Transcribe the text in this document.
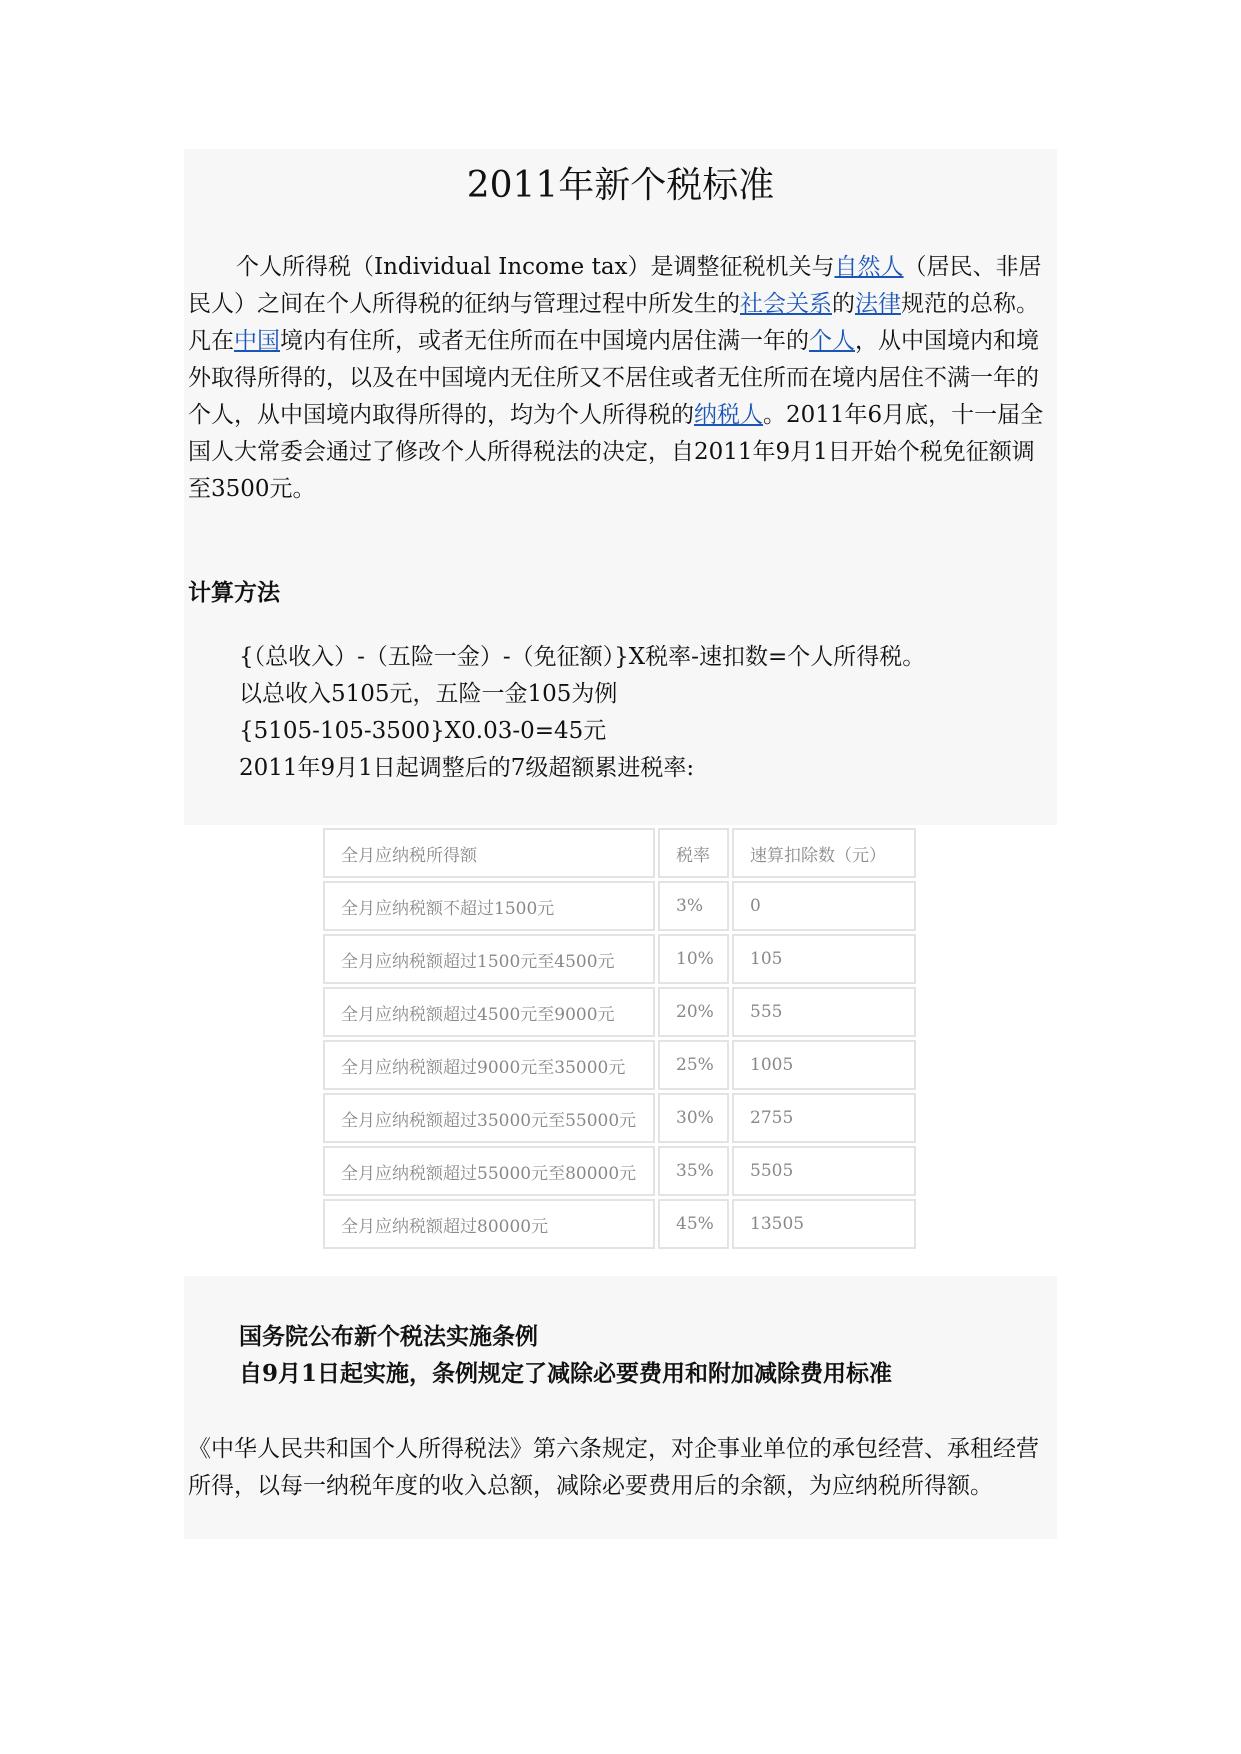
2011年新个税标准

个人所得税（Individual Income tax）是调整征税机关与自然人（居民、非居民人）之间在个人所得税的征纳与管理过程中所发生的社会关系的法律规范的总称。凡在中国境内有住所，或者无住所而在中国境内居住满一年的个人，从中国境内和境外取得所得的，以及在中国境内无住所又不居住或者无住所而在境内居住不满一年的个人，从中国境内取得所得的，均为个人所得税的纳税人。2011年6月底，十一届全国人大常委会通过了修改个人所得税法的决定，自2011年9月1日开始个税免征额调至3500元。

计算方法
{（总收入）-（五险一金）-（免征额）}X税率-速扣数=个人所得税。
以总收入5105元，五险一金105为例
{5105-105-3500}X0.03-0=45元
2011年9月1日起调整后的7级超额累进税率:
全月应纳税所得额	税率	速算扣除数（元）
全月应纳税额不超过1500元	3%	0
全月应纳税额超过1500元至4500元	10%	105
全月应纳税额超过4500元至9000元	20%	555
全月应纳税额超过9000元至35000元	25%	1005
全月应纳税额超过35000元至55000元	30%	2755
全月应纳税额超过55000元至80000元	35%	5505
全月应纳税额超过80000元	45%	13505
国务院公布新个税法实施条例
自9月1日起实施，条例规定了减除必要费用和附加减除费用标准

《中华人民共和国个人所得税法》第六条规定，对企事业单位的承包经营、承租经营所得，以每一纳税年度的收入总额，减除必要费用后的余额，为应纳税所得额。
